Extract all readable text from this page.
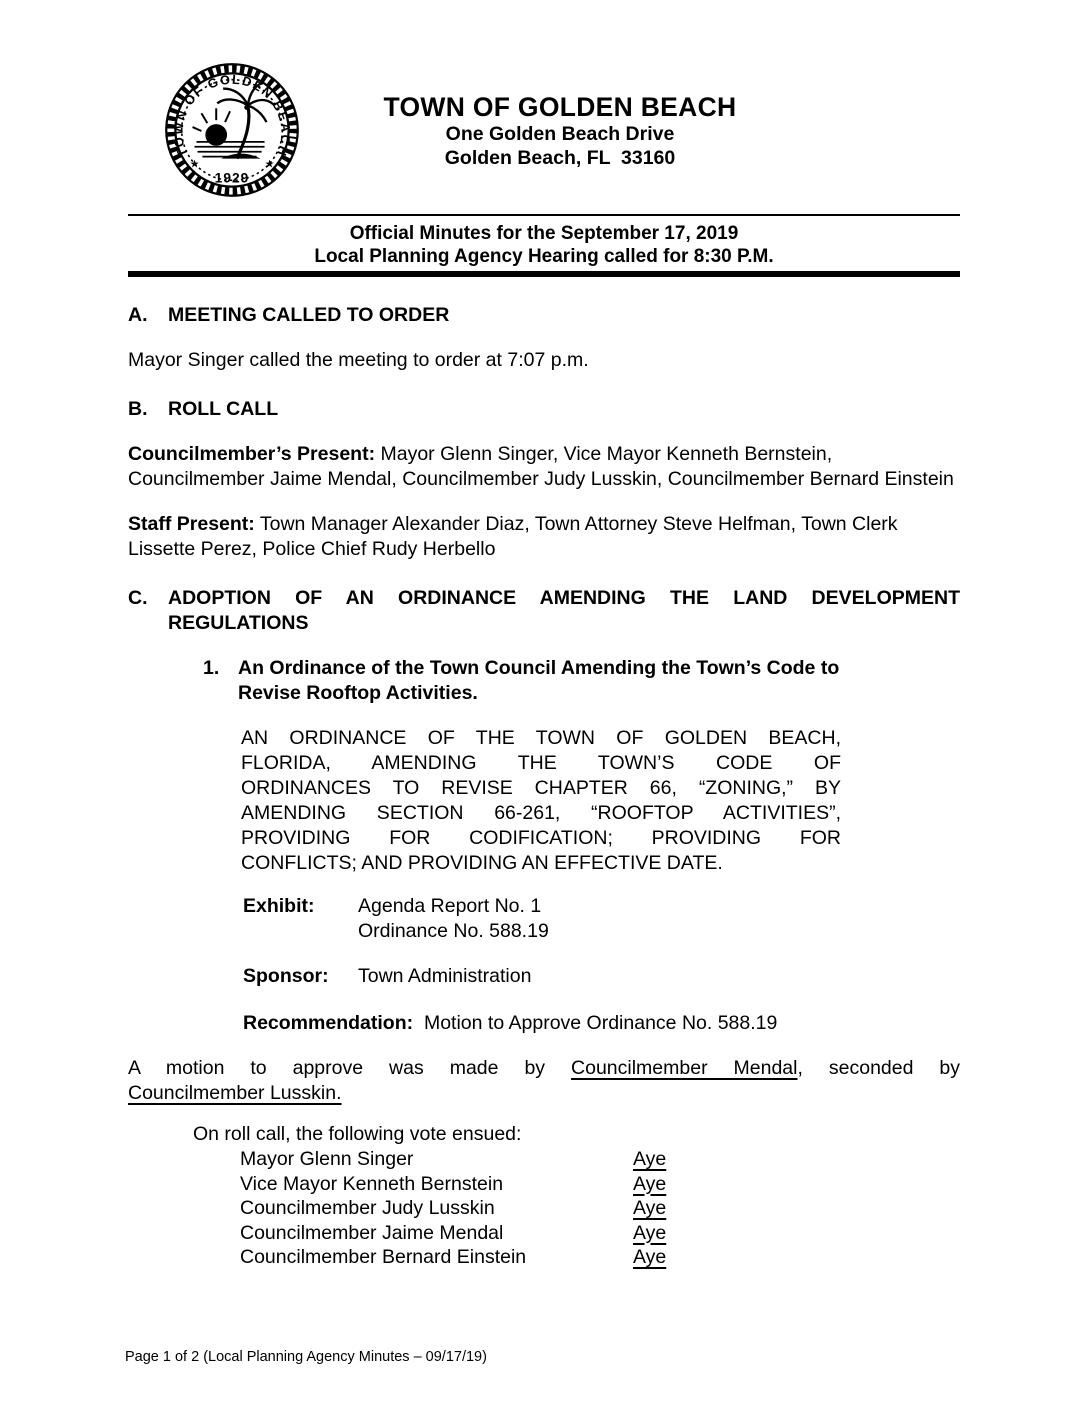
TOWN OF GOLDEN BEACH
★	★
1929
TOWN OF GOLDEN BEACH
One Golden Beach Drive
Golden Beach, FL  33160
Official Minutes for the September 17, 2019
Local Planning Agency Hearing called for 8:30 P.M.
A.	MEETING CALLED TO ORDER
Mayor Singer called the meeting to order at 7:07 p.m.
B.	ROLL CALL
Councilmember’s Present: Mayor Glenn Singer, Vice Mayor Kenneth Bernstein, Councilmember Jaime Mendal, Councilmember Judy Lusskin, Councilmember Bernard Einstein
Staff Present: Town Manager Alexander Diaz, Town Attorney Steve Helfman, Town Clerk Lissette Perez, Police Chief Rudy Herbello
C.	ADOPTION OF AN ORDINANCE AMENDING THE LAND DEVELOPMENT
REGULATIONS
1. An Ordinance of the Town Council Amending the Town’s Code to
Revise Rooftop Activities.
AN ORDINANCE OF THE TOWN OF GOLDEN BEACH,
FLORIDA, AMENDING THE TOWN’S CODE OF
ORDINANCES TO REVISE CHAPTER 66, “ZONING,” BY
AMENDING SECTION 66-261, “ROOFTOP ACTIVITIES”,
PROVIDING FOR CODIFICATION; PROVIDING FOR
CONFLICTS; AND PROVIDING AN EFFECTIVE DATE.
Exhibit:	Agenda Report No. 1
Ordinance No. 588.19
Sponsor:	Town Administration
Recommendation: Motion to Approve Ordinance No. 588.19
A motion to approve was made by Councilmember Mendal, seconded by
Councilmember Lusskin.
On roll call, the following vote ensued:
Mayor Glenn Singer	Aye
Vice Mayor Kenneth Bernstein	Aye
Councilmember Judy Lusskin	Aye
Councilmember Jaime Mendal	Aye
Councilmember Bernard Einstein	Aye
Page 1 of 2 (Local Planning Agency Minutes – 09/17/19)
